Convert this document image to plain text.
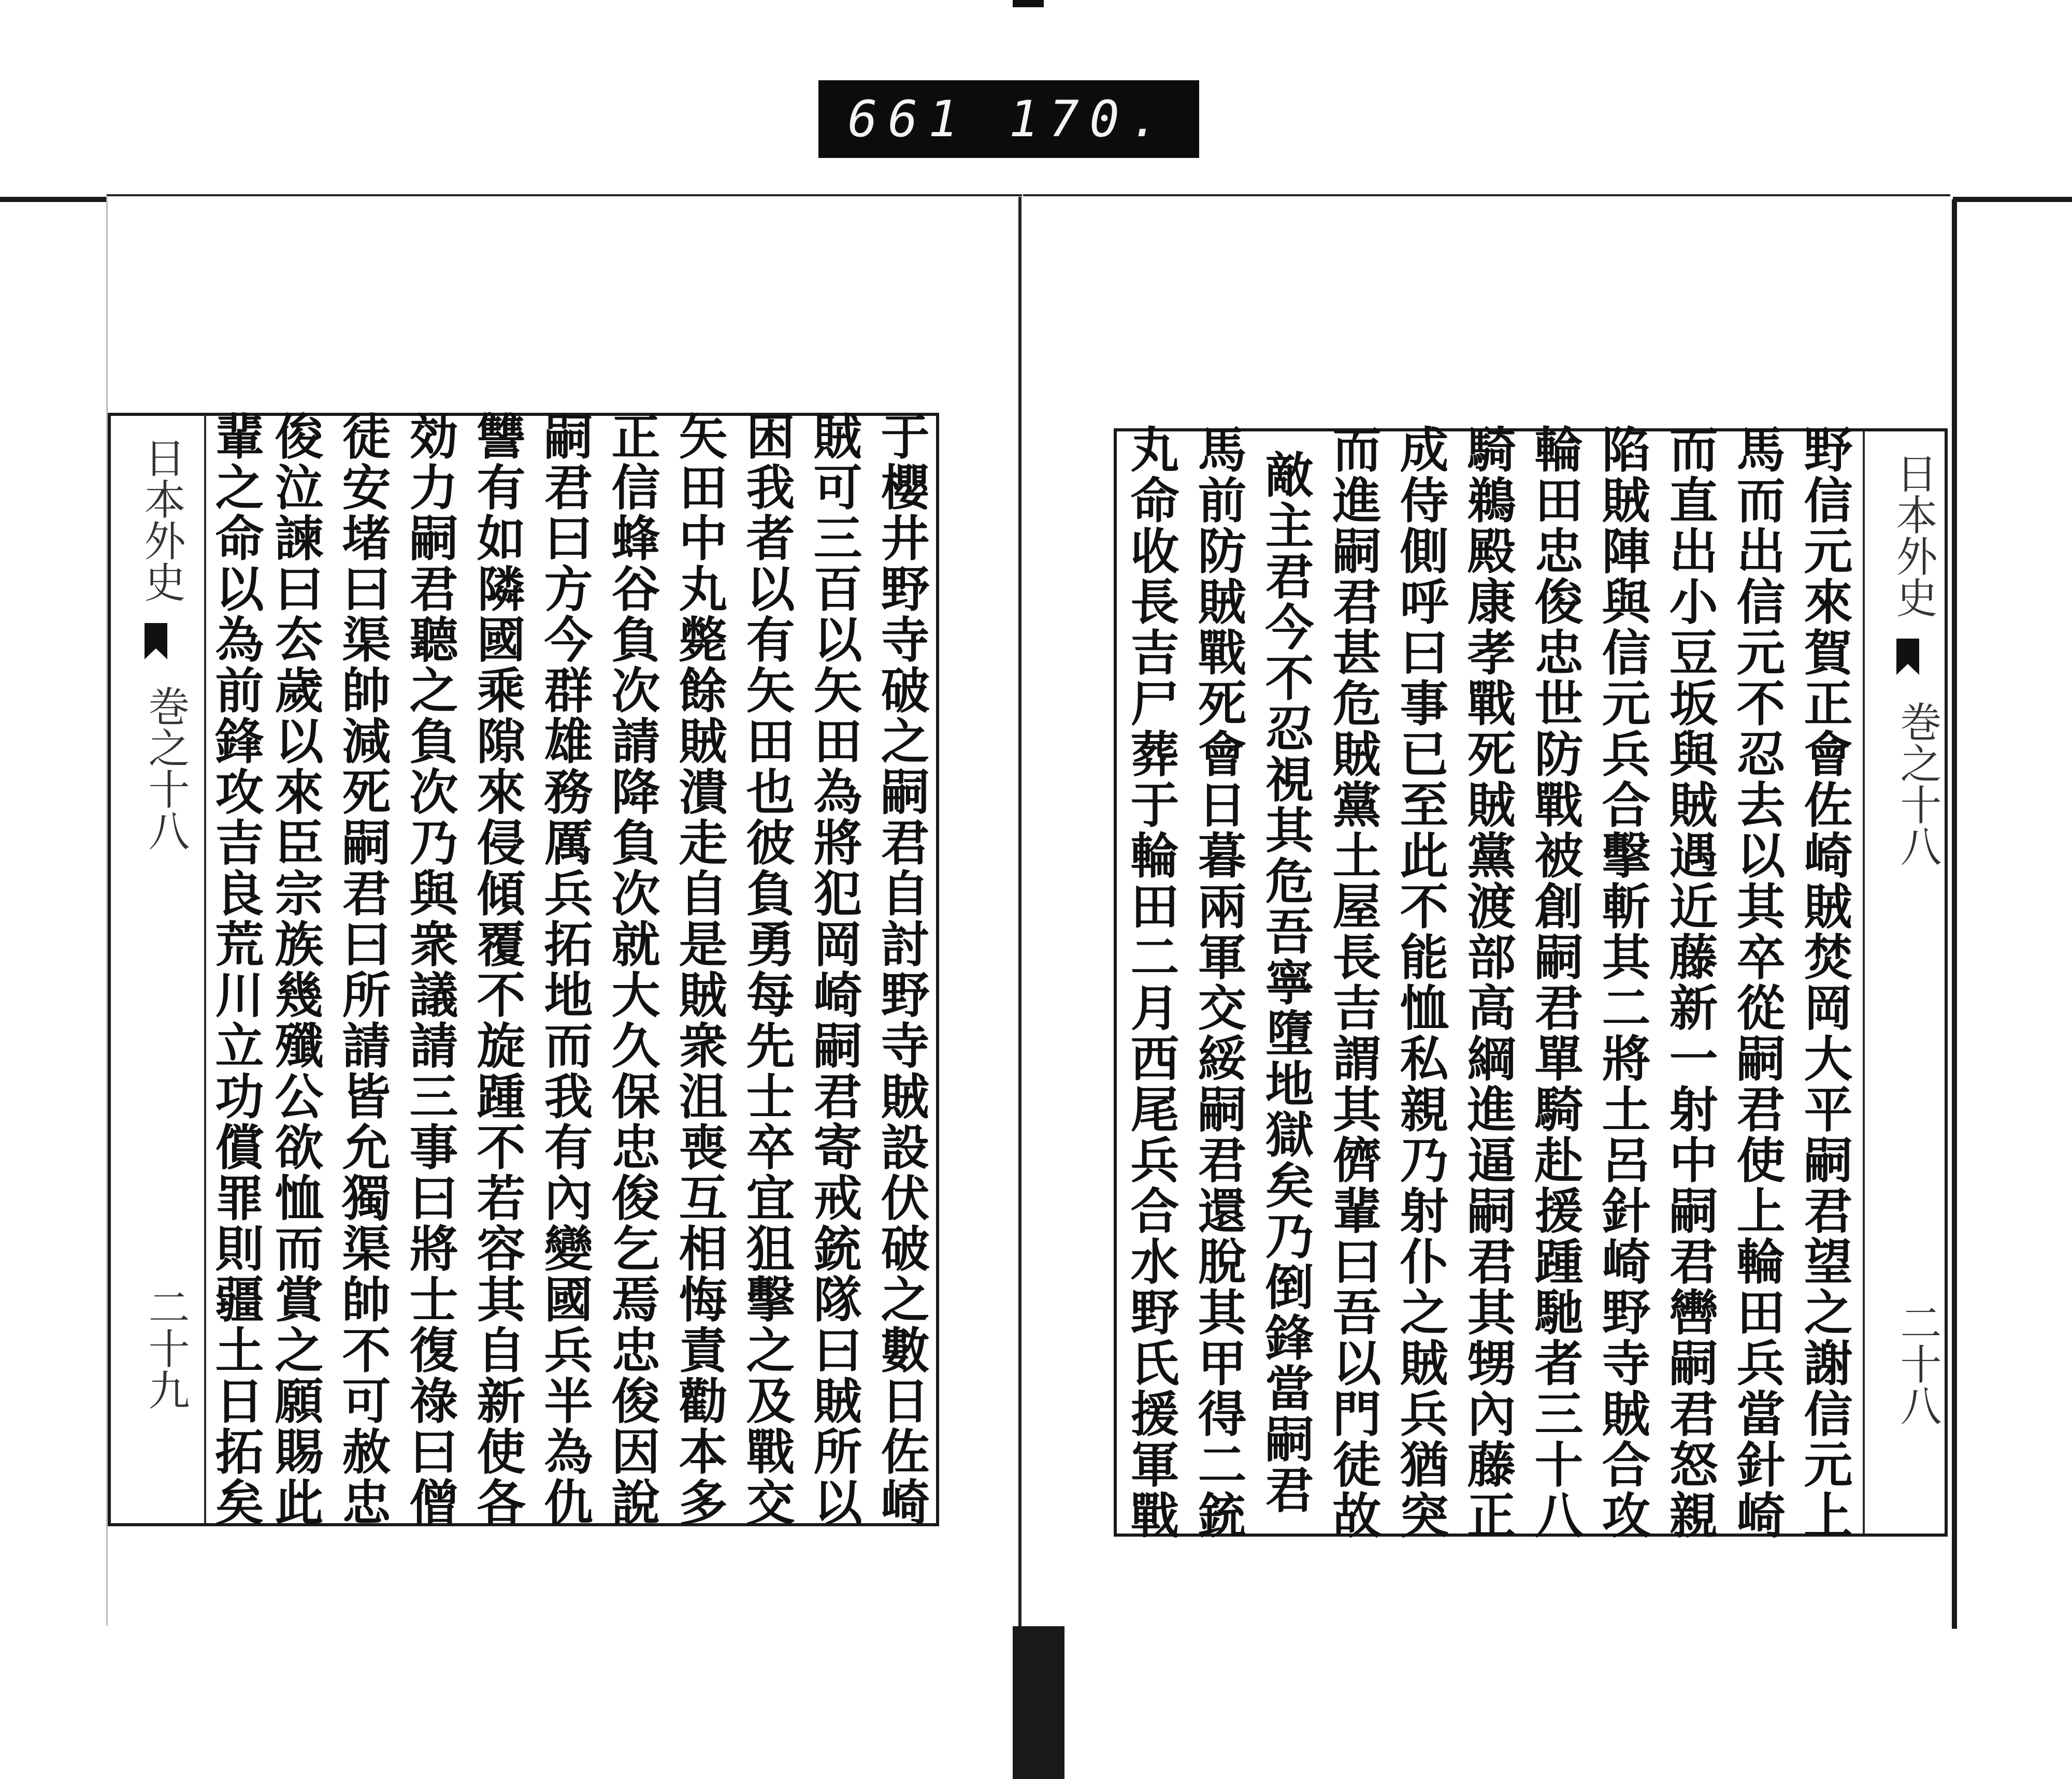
661 170.
日本外史
巻之十八
二十九	于櫻井野寺破之嗣君自討野寺賊設伏破之數日佐崎
賊可三百以矢田為將犯岡崎嗣君寄戒銃隊曰賊所以
困我者以有矢田也彼負勇每先士卒宜狙擊之及戰交
矢田中丸斃餘賊潰走自是賊衆沮喪互相悔責勸本多
正信蜂谷負次請降負次就大久保忠俊乞焉忠俊因說
嗣君曰方今群雄務厲兵拓地而我有內變國兵半為仇
讐有如隣國乘隙來侵傾覆不旋踵不若容其自新使各
効力嗣君聽之負次乃與衆議請三事曰將士復祿曰僧
徒安堵曰渠帥減死嗣君曰所請皆允獨渠帥不可赦忠
俊泣諫曰厺歲以來臣宗族幾殲公欲恤而賞之願賜此
輩之命以為前鋒攻吉良荒川立功償罪則疆土日拓矣	野信元來賀正會佐崎賊焚岡大平嗣君望之謝信元上
馬而出信元不忍去以其卒從嗣君使上輪田兵當針崎
而直出小豆坂與賊遇近藤新一射中嗣君轡嗣君怒親
陷賊陣與信元兵合擊斬其二將土呂針崎野寺賊合攻
輪田忠俊忠世防戰被創嗣君單騎赴援踵馳者三十八
騎鵜殿康孝戰死賊黨渡部高綱進逼嗣君其甥內藤正
成侍側呼曰事已至此不能恤私親乃射仆之賊兵猶突
而進嗣君甚危賊黨土屋長吉謂其儕輩曰吾以門徒故
敵主君今不忍視其危吾寧墮地獄矣乃倒鋒當嗣君
馬前防賊戰死會日暮兩軍交綏嗣君還脫其甲得二銃
丸命收長吉尸葬于輪田二月西尾兵合水野氏援軍戰	日本外史
巻之十八
二十八
